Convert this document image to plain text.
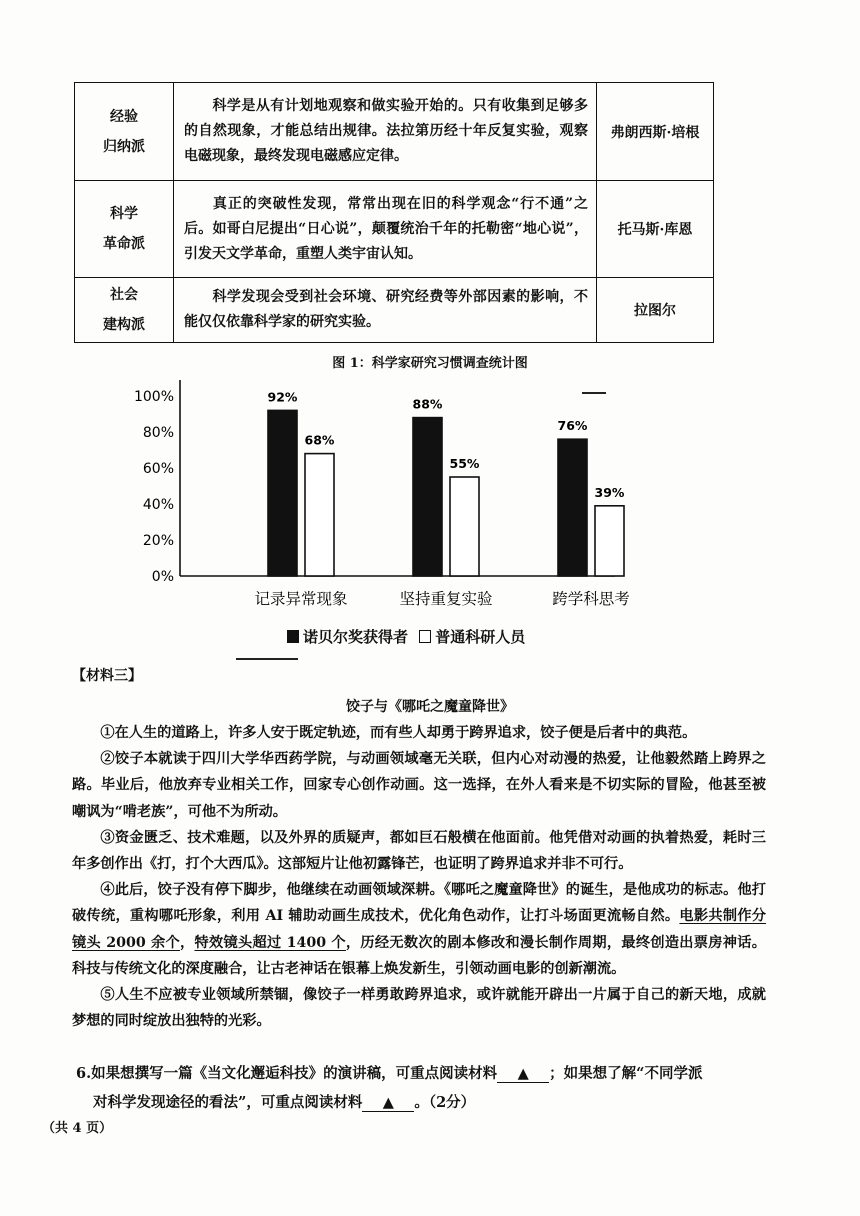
经验
归纳派	科学是从有计划地观察和做实验开始的。只有收集到足够多的自然现象，才能总结出规律。法拉第历经十年反复实验，观察电磁现象，最终发现电磁感应定律。	弗朗西斯·培根
科学
革命派	真正的突破性发现，常常出现在旧的科学观念“行不通”之后。如哥白尼提出“日心说”，颠覆统治千年的托勒密“地心说”，引发天文学革命，重塑人类宇宙认知。	托马斯·库恩
社会
建构派	科学发现会受到社会环境、研究经费等外部因素的影响，不能仅仅依靠科学家的研究实验。	拉图尔
图 1：科学家研究习惯调查统计图
0%
20%
40%
60%
80%
100%	92%
68%
记录异常现象
88%
55%
坚持重复实验
76%
39%
跨学科思考
诺贝尔奖获得者 普通科研人员
【材料三】
饺子与《哪吒之魔童降世》

①在人生的道路上，许多人安于既定轨迹，而有些人却勇于跨界追求，饺子便是后者中的典范。

②饺子本就读于四川大学华西药学院，与动画领域毫无关联，但内心对动漫的热爱，让他毅然踏上跨界之路。毕业后，他放弃专业相关工作，回家专心创作动画。这一选择，在外人看来是不切实际的冒险，他甚至被嘲讽为“啃老族”，可他不为所动。

③资金匮乏、技术难题，以及外界的质疑声，都如巨石般横在他面前。他凭借对动画的执着热爱，耗时三年多创作出《打，打个大西瓜》。这部短片让他初露锋芒，也证明了跨界追求并非不可行。

④此后，饺子没有停下脚步，他继续在动画领域深耕。《哪吒之魔童降世》的诞生，是他成功的标志。他打破传统，重构哪吒形象，利用 AI 辅助动画生成技术，优化角色动作，让打斗场面更流畅自然。电影共制作分镜头 2000 余个，特效镜头超过 1400 个，历经无数次的剧本修改和漫长制作周期，最终创造出票房神话。科技与传统文化的深度融合，让古老神话在银幕上焕发新生，引领动画电影的创新潮流。

⑤人生不应被专业领域所禁锢，像饺子一样勇敢跨界追求，或许就能开辟出一片属于自己的新天地，成就梦想的同时绽放出独特的光彩。

6.如果想撰写一篇《当文化邂逅科技》的演讲稿，可重点阅读材料 ▲ ；如果想了解“不同学派
对科学发现途径的看法”，可重点阅读材料 ▲ 。（2分）
（共 4 页）
